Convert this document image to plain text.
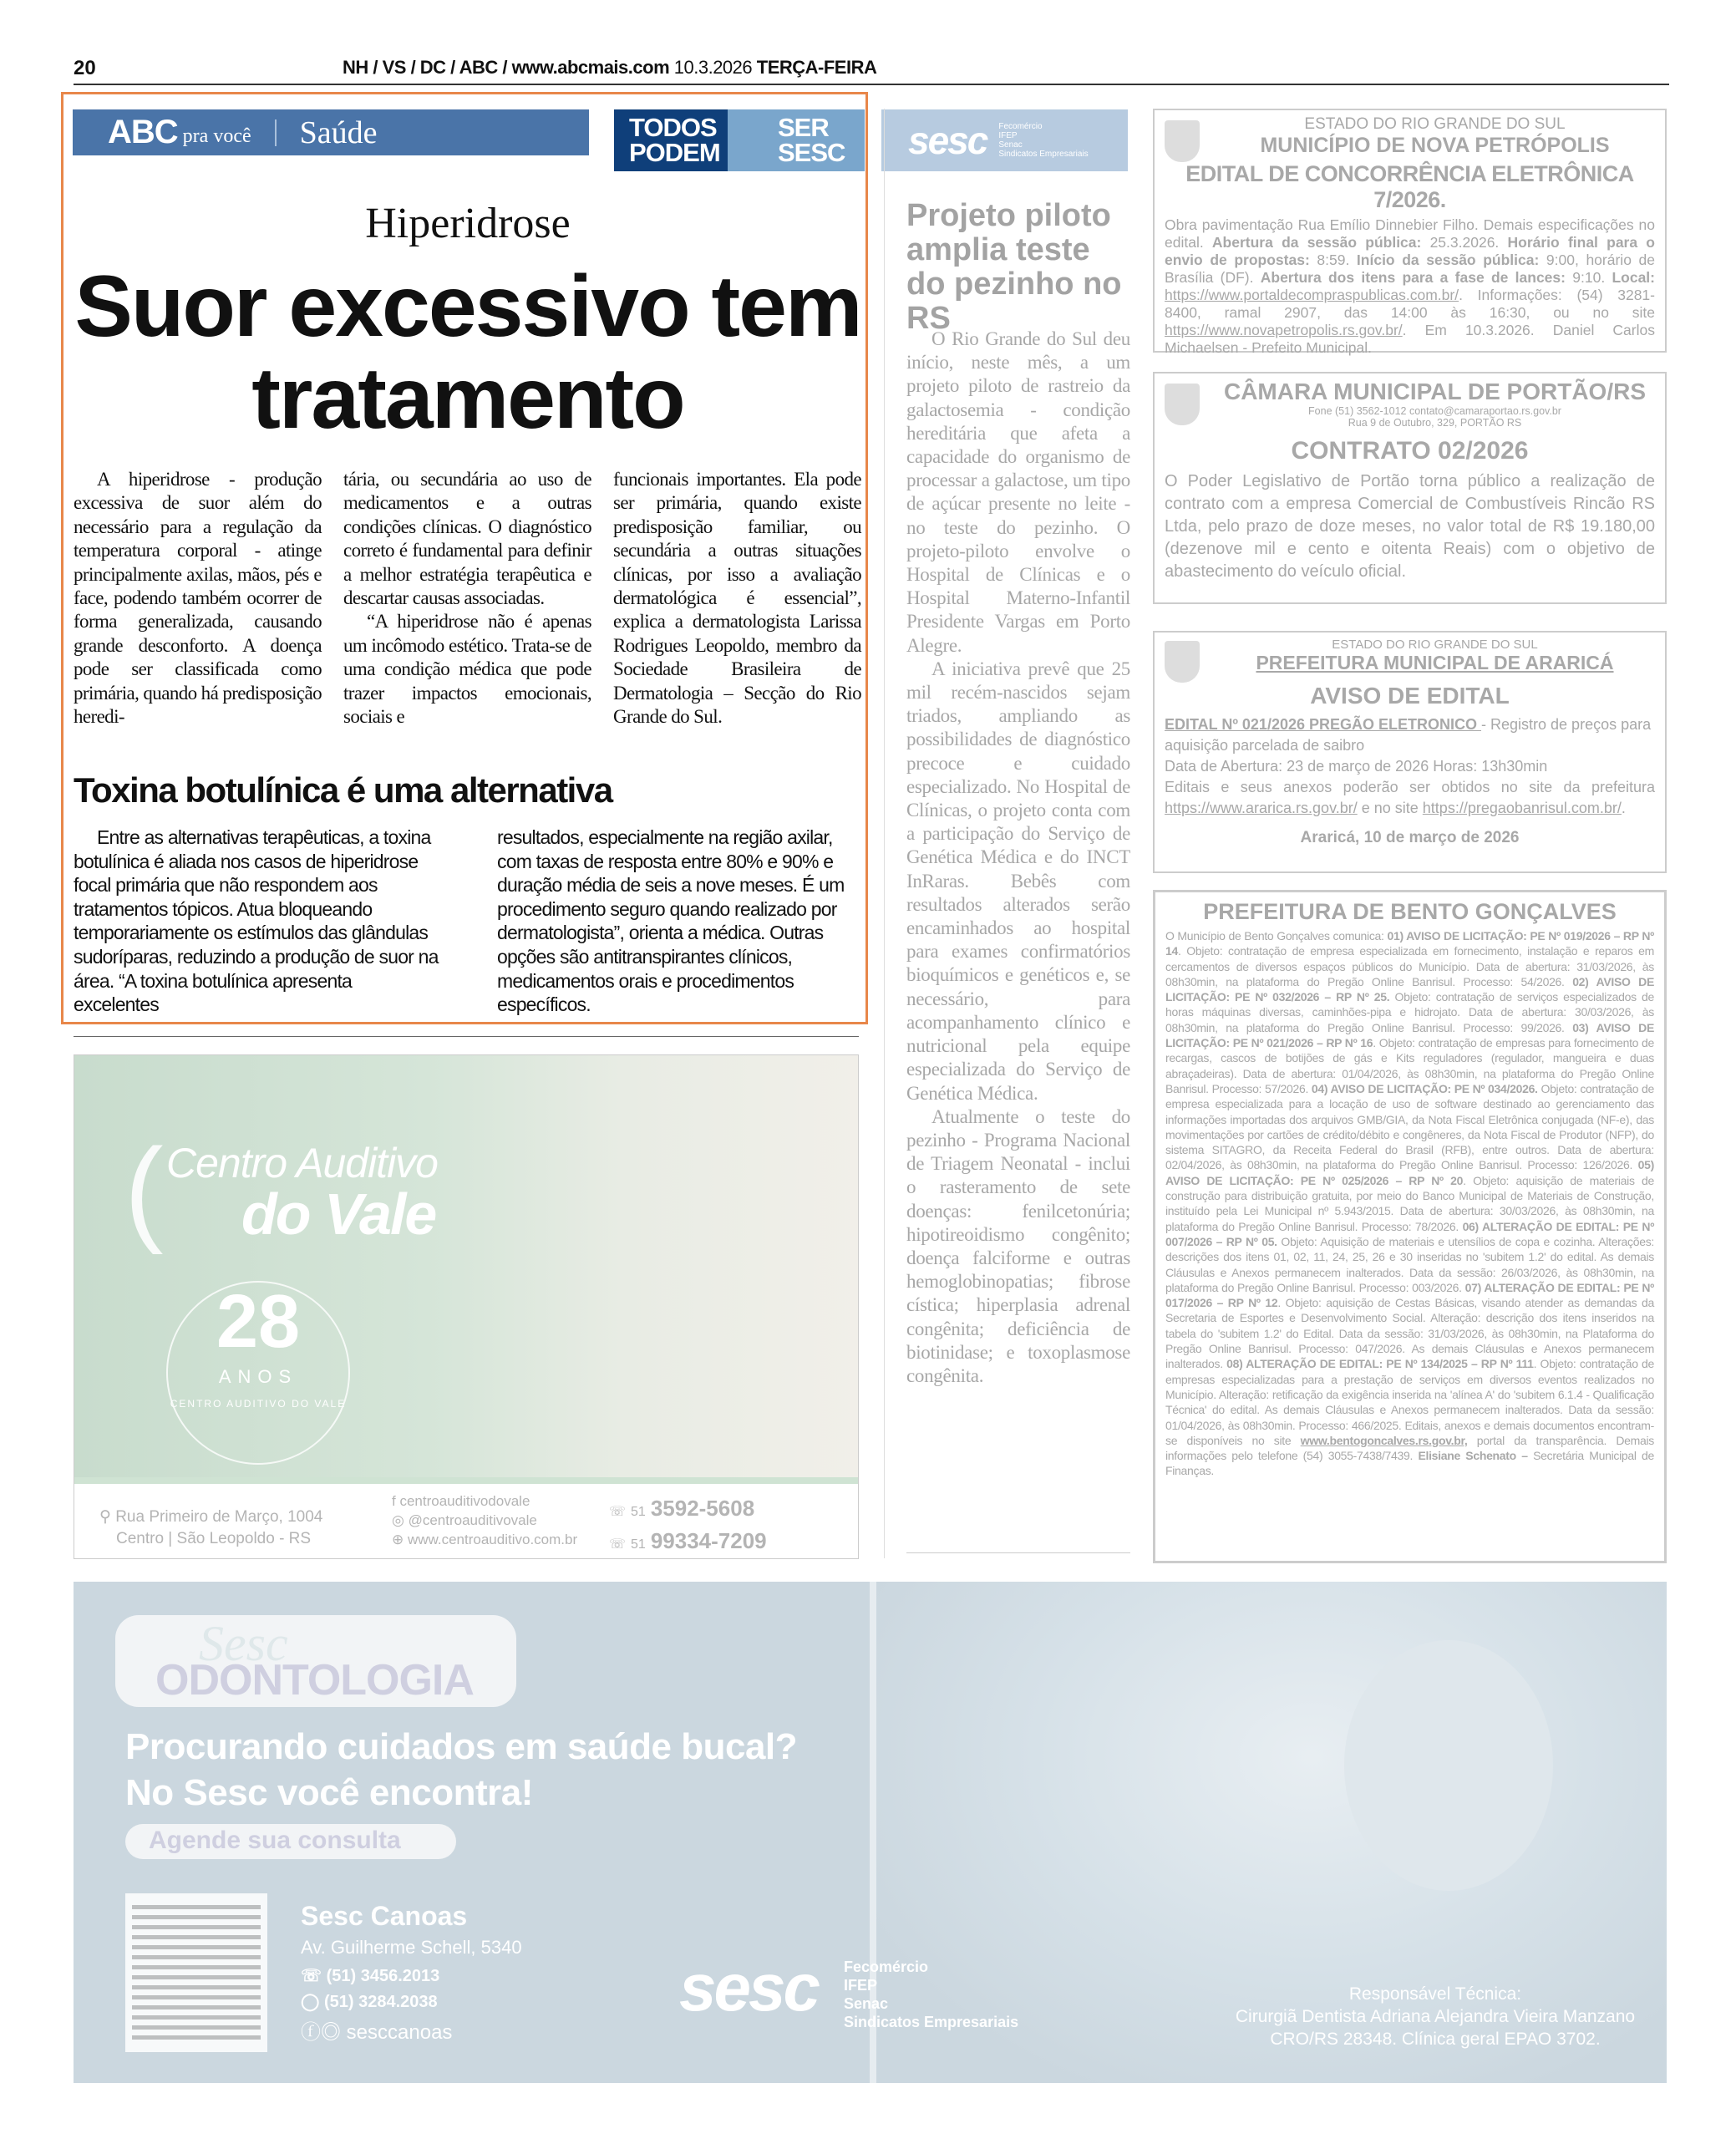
20	NH / VS / DC / ABC / www.abcmais.com 10.3.2026 TERÇA-FEIRA
ABC pra você Saúde	TODOS PODEM
SER SESC	sesc Fecomércio
IFEP
Senac
Sindicatos Empresariais
Hiperidrose
Suor excessivo tem tratamento

A hiperidrose - produção excessiva de suor além do necessário para a regulação da temperatura corporal - atinge principalmente axilas, mãos, pés e face, podendo também ocorrer de forma generalizada, causando grande desconforto. A doença pode ser classificada como primária, quando há predisposição heredi-

tária, ou secundária ao uso de medicamentos e a outras condições clínicas. O diagnóstico correto é fundamental para definir a melhor estratégia terapêutica e descartar causas associadas.

“A hiperidrose não é apenas um incômodo estético. Trata-se de uma condição médica que pode trazer impactos emocionais, sociais e

funcionais importantes. Ela pode ser primária, quando existe predisposição familiar, ou secundária a outras situações clínicas, por isso a avaliação dermatológica é essencial”, explica a dermatologista Larissa Rodrigues Leopoldo, membro da Sociedade Brasileira de Dermatologia – Secção do Rio Grande do Sul.

Toxina botulínica é uma alternativa

Entre as alternativas terapêuticas, a toxina botulínica é aliada nos casos de hiperidrose focal primária que não respondem aos tratamentos tópicos. Atua bloqueando temporariamente os estímulos das glândulas sudoríparas, reduzindo a produção de suor na área. “A toxina botulínica apresenta excelentes

resultados, especialmente na região axilar, com taxas de resposta entre 80% e 90% e duração média de seis a nove meses. É um procedimento seguro quando realizado por dermatologista”, orienta a médica. Outras opções são antitranspirantes clínicos, medicamentos orais e procedimentos específicos.

( Centro Auditivo
do Vale
28
ANOS
CENTRO AUDITIVO DO VALE
⚲ Rua Primeiro de Março, 1004
Centro | São Leopoldo - RS
f centroauditivodovale
◎ @centroauditivovale
⊕ www.centroauditivo.com.br
☏ 51 3592-5608
☏ 51 99334-7209
Projeto piloto amplia teste do pezinho no RS

O Rio Grande do Sul deu início, neste mês, a um projeto piloto de rastreio da galactosemia - condição hereditária que afeta a capacidade do organismo de processar a galactose, um tipo de açúcar presente no leite - no teste do pezinho. O projeto-piloto envolve o Hospital de Clínicas e o Hospital Materno-Infantil Presidente Vargas em Porto Alegre.

A iniciativa prevê que 25 mil recém-nascidos sejam triados, ampliando as possibilidades de diagnóstico precoce e cuidado especializado. No Hospital de Clínicas, o projeto conta com a participação do Serviço de Genética Médica e do INCT InRaras. Bebês com resultados alterados serão encaminhados ao hospital para exames confirmatórios bioquímicos e genéticos e, se necessário, para acompanhamento clínico e nutricional pela equipe especializada do Serviço de Genética Médica.

Atualmente o teste do pezinho - Programa Nacional de Triagem Neonatal - inclui o rasteramento de sete doenças: fenilcetonúria; hipotireoidismo congênito; doença falciforme e outras hemoglobinopatias; fibrose cística; hiperplasia adrenal congênita; deficiência de biotinidase; e toxoplasmose congênita.

ESTADO DO RIO GRANDE DO SUL
MUNICÍPIO DE NOVA PETRÓPOLIS
EDITAL DE CONCORRÊNCIA ELETRÔNICA 7/2026.
Obra pavimentação Rua Emílio Dinnebier Filho. Demais especificações no edital. Abertura da sessão pública: 25.3.2026. Horário final para o envio de propostas: 8:59. Início da sessão pública: 9:00, horário de Brasília (DF). Abertura dos itens para a fase de lances: 9:10. Local: https://www.portaldecompraspublicas.com.br/. Informações: (54) 3281-8400, ramal 2907, das 14:00 às 16:30, ou no site https://www.novapetropolis.rs.gov.br/. Em 10.3.2026. Daniel Carlos Michaelsen - Prefeito Municipal.
CÂMARA MUNICIPAL DE PORTÃO/RS
Fone (51) 3562-1012 contato@camaraportao.rs.gov.br
Rua 9 de Outubro, 329, PORTÃO RS
CONTRATO 02/2026
O Poder Legislativo de Portão torna público a realização de contrato com a empresa Comercial de Combustíveis Rincão RS Ltda, pelo prazo de doze meses, no valor total de R$ 19.180,00 (dezenove mil e cento e oitenta Reais) com o objetivo de abastecimento do veículo oficial.
ESTADO DO RIO GRANDE DO SUL
PREFEITURA MUNICIPAL DE ARARICÁ
AVISO DE EDITAL
EDITAL Nº 021/2026 PREGÃO ELETRONICO - Registro de preços para aquisição parcelada de saibro
Data de Abertura: 23 de março de 2026 Horas: 13h30min
Editais e seus anexos poderão ser obtidos no site da prefeitura https://www.ararica.rs.gov.br/ e no site https://pregaobanrisul.com.br/.
Araricá, 10 de março de 2026
PREFEITURA DE BENTO GONÇALVES
O Município de Bento Gonçalves comunica: 01) AVISO DE LICITAÇÃO: PE Nº 019/2026 – RP Nº 14. Objeto: contratação de empresa especializada em fornecimento, instalação e reparos em cercamentos de diversos espaços públicos do Município. Data de abertura: 31/03/2026, às 08h30min, na plataforma do Pregão Online Banrisul. Processo: 54/2026. 02) AVISO DE LICITAÇÃO: PE Nº 032/2026 – RP Nº 25. Objeto: contratação de serviços especializados de horas máquinas diversas, caminhões-pipa e hidrojato. Data de abertura: 30/03/2026, às 08h30min, na plataforma do Pregão Online Banrisul. Processo: 99/2026. 03) AVISO DE LICITAÇÃO: PE Nº 021/2026 – RP Nº 16. Objeto: contratação de empresas para fornecimento de recargas, cascos de botijões de gás e Kits reguladores (regulador, mangueira e duas abraçadeiras). Data de abertura: 01/04/2026, às 08h30min, na plataforma do Pregão Online Banrisul. Processo: 57/2026. 04) AVISO DE LICITAÇÃO: PE Nº 034/2026. Objeto: contratação de empresa especializada para a locação de uso de software destinado ao gerenciamento das informações importadas dos arquivos GMB/GIA, da Nota Fiscal Eletrônica conjugada (NF-e), das movimentações por cartões de crédito/débito e congêneres, da Nota Fiscal de Produtor (NFP), do sistema SITAGRO, da Receita Federal do Brasil (RFB), entre outros. Data de abertura: 02/04/2026, às 08h30min, na plataforma do Pregão Online Banrisul. Processo: 126/2026. 05) AVISO DE LICITAÇÃO: PE Nº 025/2026 – RP Nº 20. Objeto: aquisição de materiais de construção para distribuição gratuita, por meio do Banco Municipal de Materiais de Construção, instituído pela Lei Municipal nº 5.943/2015. Data de abertura: 30/03/2026, às 08h30min, na plataforma do Pregão Online Banrisul. Processo: 78/2026. 06) ALTERAÇÃO DE EDITAL: PE Nº 007/2026 – RP Nº 05. Objeto: Aquisição de materiais e utensílios de copa e cozinha. Alterações: descrições dos itens 01, 02, 11, 24, 25, 26 e 30 inseridas no 'subitem 1.2' do edital. As demais Cláusulas e Anexos permanecem inalterados. Data da sessão: 26/03/2026, às 08h30min, na plataforma do Pregão Online Banrisul. Processo: 003/2026. 07) ALTERAÇÃO DE EDITAL: PE Nº 017/2026 – RP Nº 12. Objeto: aquisição de Cestas Básicas, visando atender as demandas da Secretaria de Esportes e Desenvolvimento Social. Alteração: descrição dos itens inseridos na tabela do 'subitem 1.2' do Edital. Data da sessão: 31/03/2026, às 08h30min, na Plataforma do Pregão Online Banrisul. Processo: 047/2026. As demais Cláusulas e Anexos permanecem inalterados. 08) ALTERAÇÃO DE EDITAL: PE Nº 134/2025 – RP Nº 111. Objeto: contratação de empresas especializadas para a prestação de serviços em diversos eventos realizados no Município. Alteração: retificação da exigência inserida na 'alínea A' do 'subitem 6.1.4 - Qualificação Técnica' do edital. As demais Cláusulas e Anexos permanecem inalterados. Data da sessão: 01/04/2026, às 08h30min. Processo: 466/2025. Editais, anexos e demais documentos encontram-se disponíveis no site www.bentogoncalves.rs.gov.br, portal da transparência. Demais informações pelo telefone (54) 3055-7438/7439. Elisiane Schenato – Secretária Municipal de Finanças.
Sesc
ODONTOLOGIA
Procurando cuidados em saúde bucal?
No Sesc você encontra!
Agende sua consulta
Sesc Canoas
Av. Guilherme Schell, 5340
☏ (51) 3456.2013
◯ (51) 3284.2038
ⓕ◎ sesccanoas
sesc Fecomércio
IFEP
Senac
Sindicatos Empresariais
Responsável Técnica:
Cirurgiã Dentista Adriana Alejandra Vieira Manzano
CRO/RS 28348. Clínica geral EPAO 3702.
